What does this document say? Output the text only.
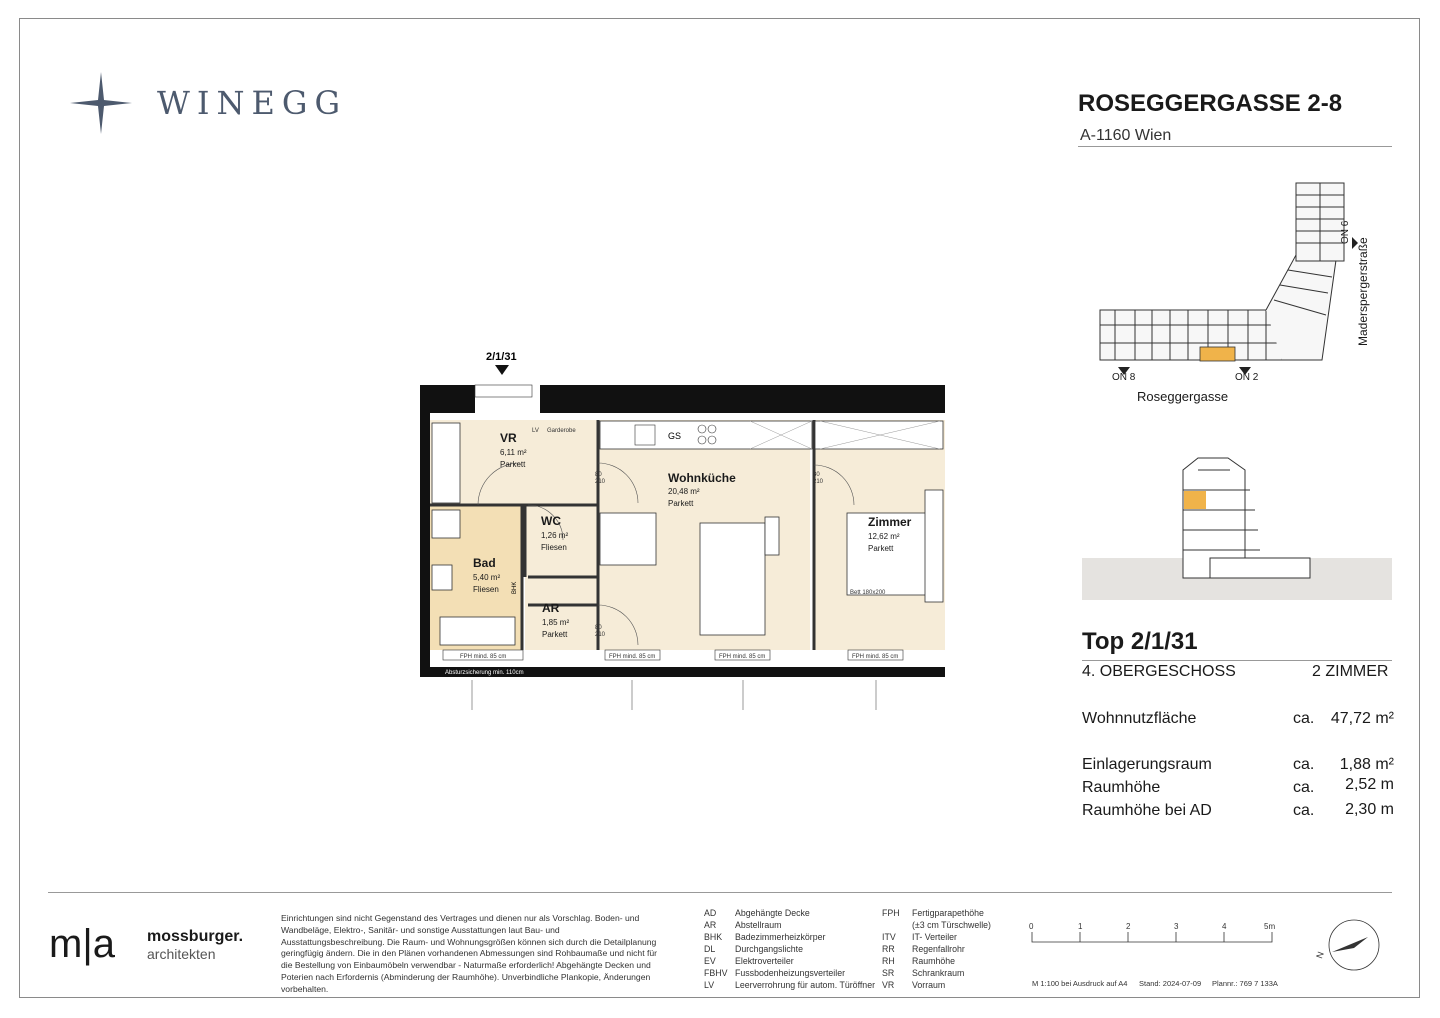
WINEGG	ROSEGGERGASSE 2-8
A-1160 Wien
ON 8	ON 2
ON 6
Roseggergasse
Maderspergerstraße
Top 2/1/31
4. OBERGESCHOSS	2 ZIMMER
Wohnnutzfläche	ca.	47,72 m²
Einlagerungsraum	ca.	1,88 m²
Raumhöhe	ca.	2,52 m
Raumhöhe bei AD	ca.	2,30 m
2/1/31
FPH mind. 85 cm	FPH mind. 85 cm	FPH mind. 85 cm	FPH mind. 85 cm
Absturzsicherung min. 110cm
GS
VR
6,11 m²
Parkett
Bad
5,40 m²
Fliesen
WC
1,26 m²
Fliesen
AR
1,85 m²
Parkett
Wohnküche
20,48 m²
Parkett
Zimmer
12,62 m²
Parkett
LV Garderobe
Bett 180x200
80
210
80
210
80
210
BHK
m|a mossburger.
architekten
Einrichtungen sind nicht Gegenstand des Vertrages und dienen nur als Vorschlag. Boden- und Wandbeläge, Elektro-, Sanitär- und sonstige Ausstattungen laut Bau- und Ausstattungsbeschreibung. Die Raum- und Wohnungsgrößen können sich durch die Detailplanung geringfügig ändern. Die in den Plänen vorhandenen Abmessungen sind Rohbaumaße und nicht für die Bestellung von Einbaumöbeln verwendbar - Naturmaße erforderlich! Abgehängte Decken und Poterien nach Erfordernis (Abminderung der Raumhöhe). Unverbindliche Plankopie, Änderungen vorbehalten.
AD Abgehängte Decke
AR Abstellraum
BHK Badezimmerheizkörper
DL Durchgangslichte
EV Elektroverteiler
FBHV Fussbodenheizungsverteiler
LV Leerverrohrung für autom. Türöffner
FPH Fertigparapethöhe
(±3 cm Türschwelle)
ITV IT- Verteiler
RR Regenfallrohr
RH Raumhöhe
SR Schrankraum
VR Vorraum
0	1	2	3	4	5m
M 1:100 bei Ausdruck auf A4 Stand: 2024-07-09 Plannr.: 769 7 133A
N
